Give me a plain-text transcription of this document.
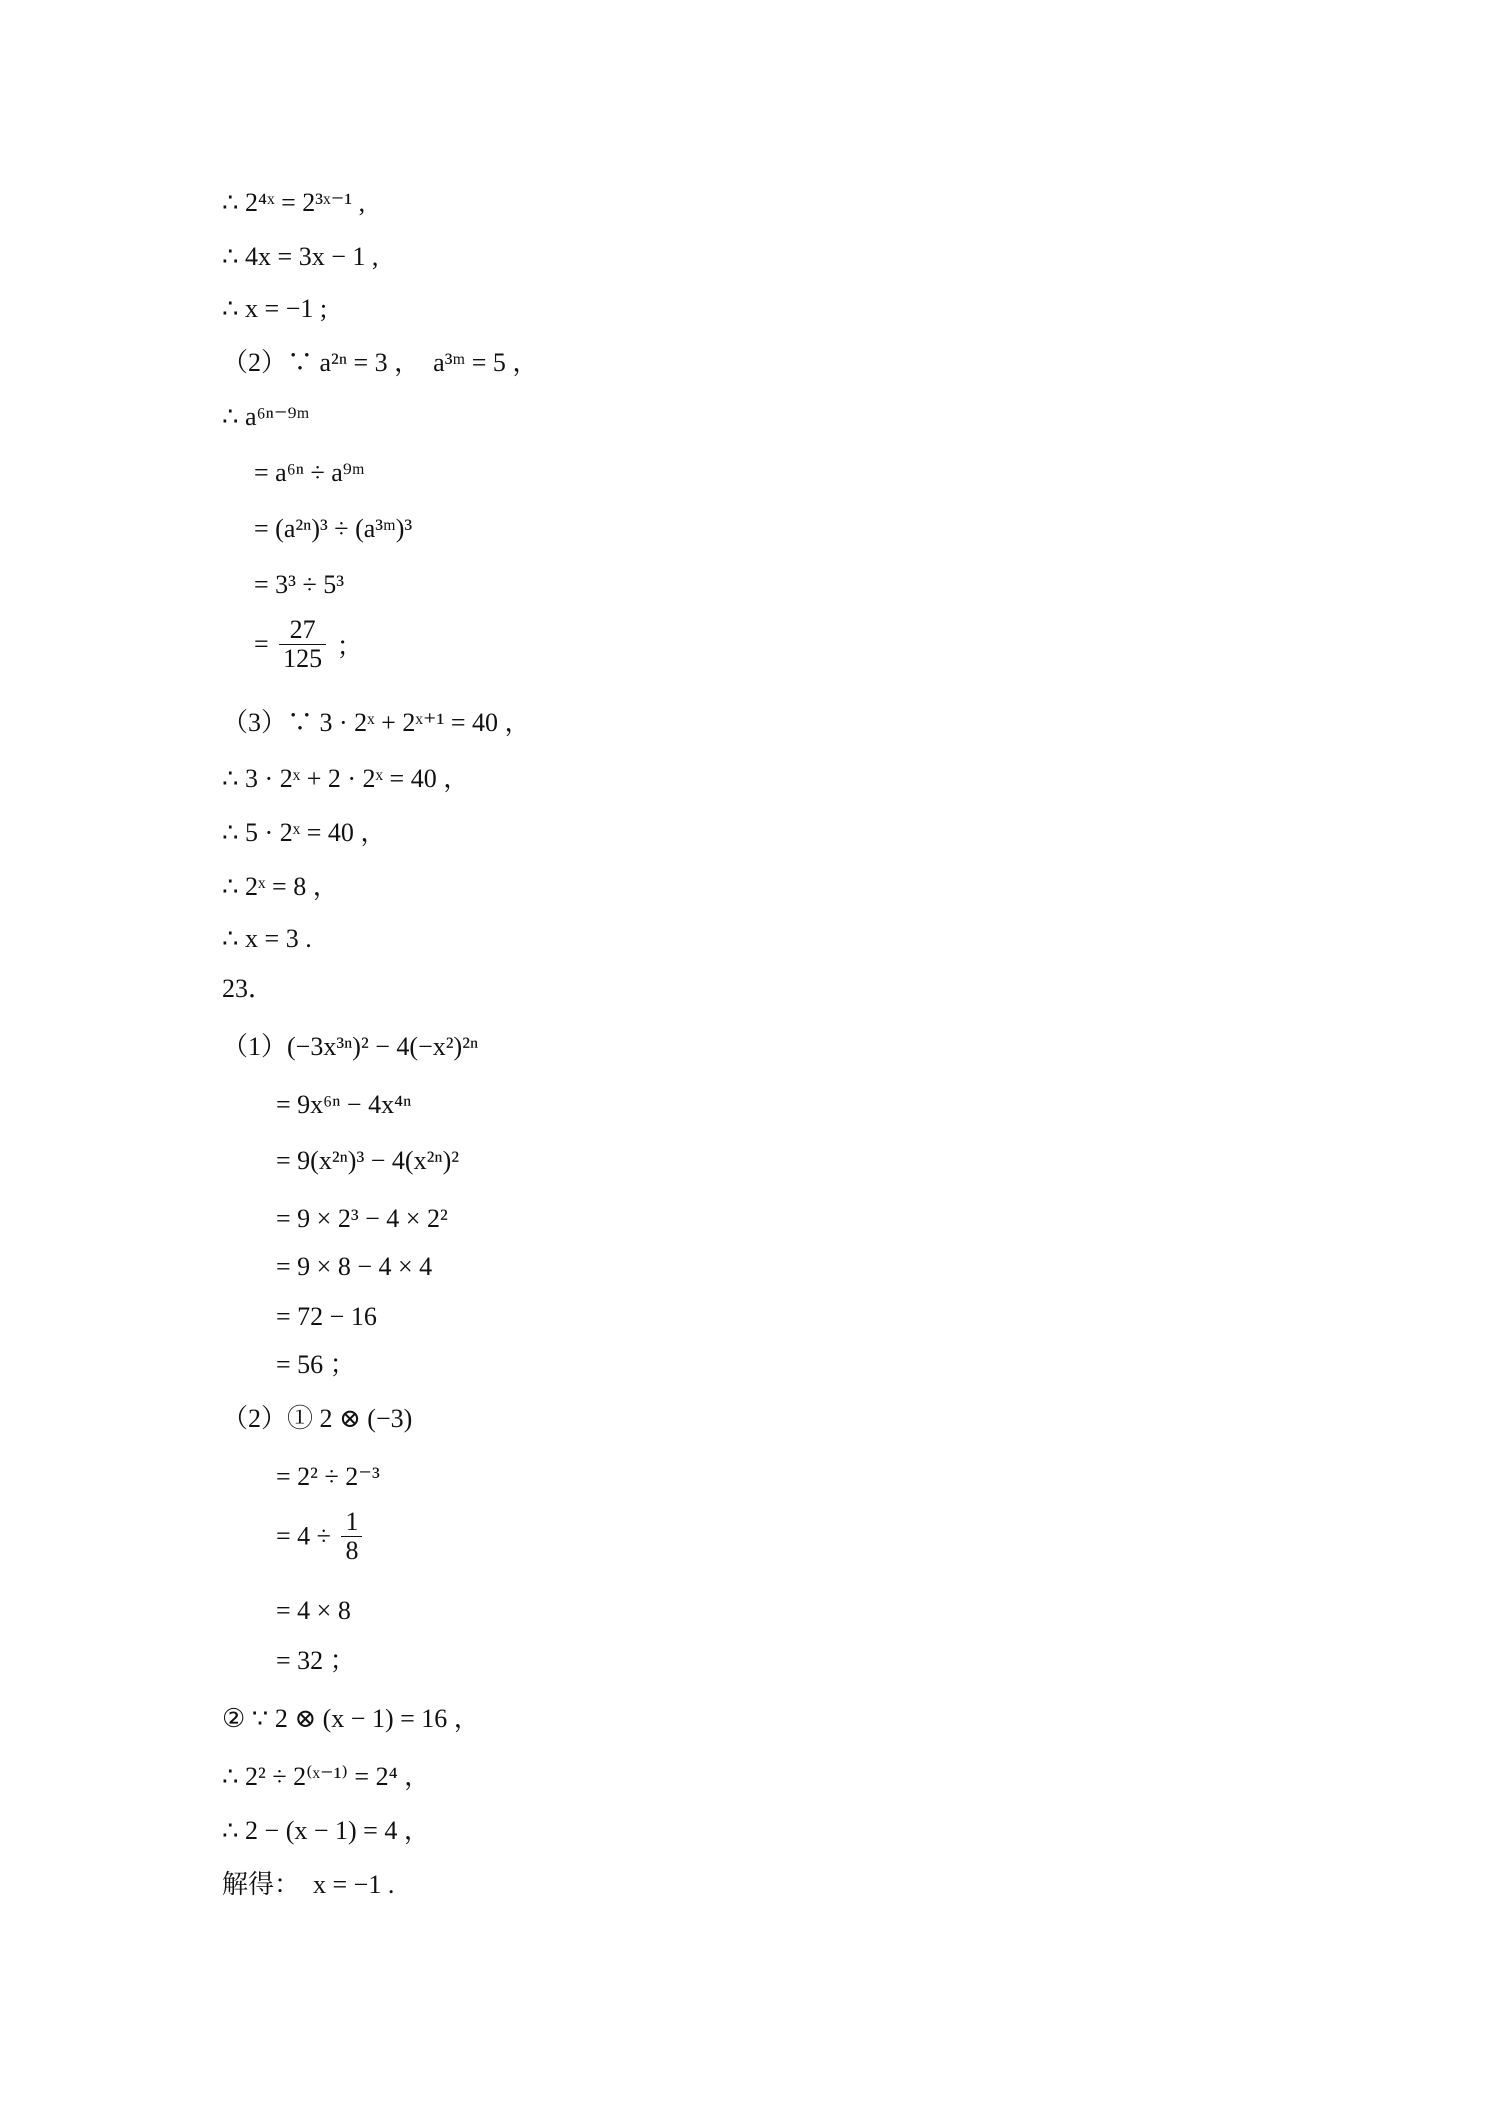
∴ 2⁴ˣ = 2³ˣ⁻¹ ,
∴ 4x = 3x − 1 ,
∴ x = −1 ;
（2）∵ a²ⁿ = 3 ，  a³ᵐ = 5 ，
∴ a⁶ⁿ⁻⁹ᵐ
= a⁶ⁿ ÷ a⁹ᵐ
= (a²ⁿ)³ ÷ (a³ᵐ)³
= 3³ ÷ 5³
= $\frac{27}{125}$ ；
（3）∵ 3 · 2ˣ + 2ˣ⁺¹ = 40 ，
∴ 3 · 2ˣ + 2 · 2ˣ = 40 ，
∴ 5 · 2ˣ = 40 ，
∴ 2ˣ = 8 ，
∴ x = 3 .
23．
（1）(−3x³ⁿ)² − 4(−x²)²ⁿ
= 9x⁶ⁿ − 4x⁴ⁿ
= 9(x²ⁿ)³ − 4(x²ⁿ)²
= 9 × 2³ − 4 × 2²
= 9 × 8 − 4 × 4
= 72 − 16
= 56 ；
（2）① 2 ⊗ (−3)
= 2² ÷ 2⁻³
= $4 \div \frac{1}{8}$
= 4 × 8
= 32 ；
② ∵ 2 ⊗ (x − 1) = 16 ，
∴ 2² ÷ 2⁽ˣ⁻¹⁾ = 2⁴ ，
∴ 2 − (x − 1) = 4 ，
解得：  x = −1 .
